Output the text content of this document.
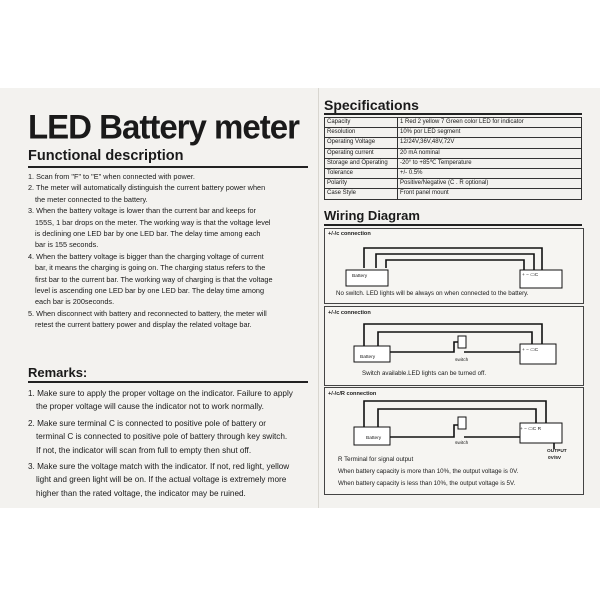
LED Battery meter
Functional description

1. Scan from "F" to "E" when connected with power.

2. The meter will automatically distinguish the current battery power when

the meter connected to the battery.

3. When the battery voltage is lower than the current bar and keeps for

155S, 1 bar drops on the meter. The working way is that the voltage level

is declining one LED bar by one LED bar. The delay time among each

bar is 155 seconds.

4. When the battery voltage is bigger than the charging voltage of current

bar, it means the charging is going on. The charging status refers to the

first bar to the current bar. The working way of charging is that the voltage

level is ascending one LED bar by one LED bar. The delay time among

each bar is 200seconds.

5. When disconnect with battery and reconnected to battery, the meter will

retest the current battery power and display the related voltage bar.

Remarks:

1. Make sure to apply the proper voltage on the indicator. Failure to apply

the proper voltage will cause the indicator not to work normally.

2. Make sure terminal C is connected to positive pole of battery or

terminal C is connected to positive pole of battery through key switch.

If not, the indicator will scan from full to empty then shut off.

3. Make sure the voltage match with the indicator. If not, red light, yellow

light and green light will be on. If the actual voltage is extremely more

higher than the rated voltage, the indicator may be ruined.

Specifications
Capacity	1 Red 2 yellow 7 Green color LED for indicator
Resolution	10% por LED segment
Operating Voltage	12/24V,36V,48V,72V
Operating current	20 mA nominal
Storage and Operating	-20° to +85℃ Temperature
Tolerance	+/- 0.5%
Polarity	Positive/Negative (C . R optional)
Case Style	Front panel mount
Wiring Diagram
+/-/c connection
Battery	+ − ▭C
No switch. LED lights will be always on when connected to the battery.
+/-/c connection
Battery
switch
+ − ▭C
Switch available.LED lights can be turned off.
+/-/c/R connection
Battery
switch
+ − ▭C R
OUTPUT
0V/5V
R Terminal for signal output
When battery capacity is more than 10%, the output voltage is 0V.
When battery capacity is less than 10%, the output voltage is 5V.
